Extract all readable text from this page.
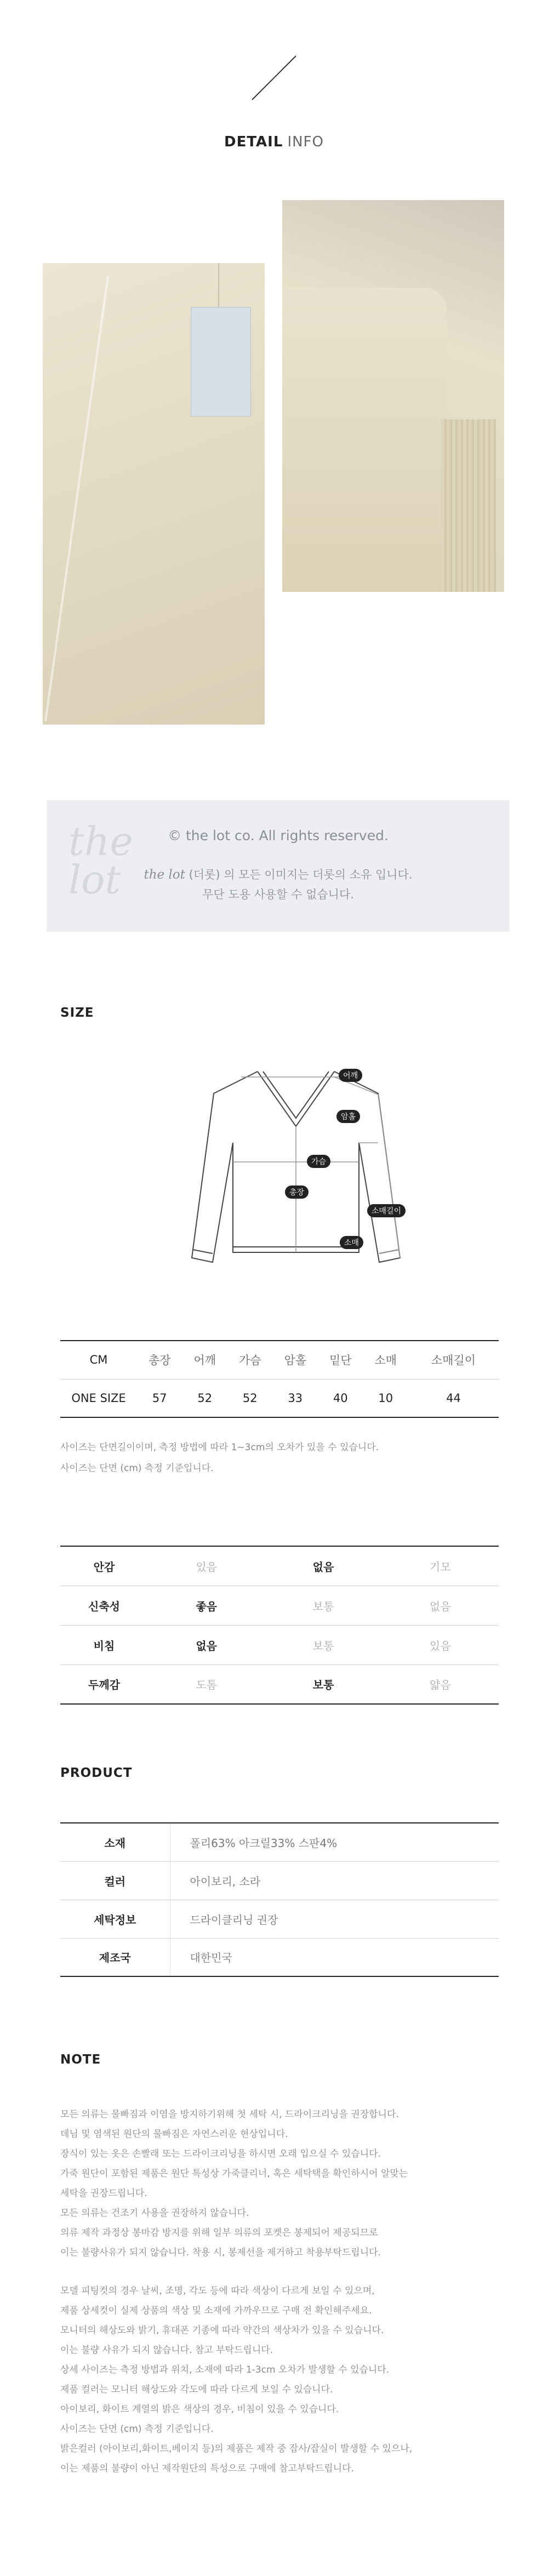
DETAIL INFO
the
lot
© the lot co. All rights reserved.
the lot (더롯) 의 모든 이미지는 더롯의 소유 입니다.
무단 도용 사용할 수 없습니다.
SIZE
어깨
암홀
가슴
총장
소매길이
소매
CM	총장	어깨	가슴	암홀	밑단	소매	소매길이
ONE SIZE	57	52	52	33	40	10	44
사이즈는 단면길이이며, 측정 방법에 따라 1~3cm의 오차가 있을 수 있습니다.
사이즈는 단면 (cm) 측정 기준입니다.
안감	있음	없음	기모
신축성	좋음	보통	없음
비침	없음	보통	있음
두께감	도톰	보통	얇음
PRODUCT
소재	폴리63% 아크릴33% 스판4%
컬러	아이보리, 소라
세탁정보	드라이클리닝 권장
제조국	대한민국
NOTE
모든 의류는 물빠짐과 이염을 방지하기위해 첫 세탁 시, 드라이크리닝을 권장합니다.
데님 및 염색된 원단의 물빠짐은 자연스러운 현상입니다.
장식이 있는 옷은 손빨래 또는 드라이크리닝을 하시면 오래 입으실 수 있습니다.
가죽 원단이 포함된 제품은 원단 특성상 가죽클리너, 혹은 세탁택을 확인하시어 알맞는
세탁을 권장드립니다.
모든 의류는 건조기 사용을 권장하지 않습니다.
의류 제작 과정상 봉마감 방지를 위해 일부 의류의 포켓은 봉제되어 제공되므로
이는 불량사유가 되지 않습니다. 착용 시, 봉제선을 제거하고 착용부탁드립니다.
모델 피팅컷의 경우 날씨, 조명, 각도 등에 따라 색상이 다르게 보일 수 있으며,
제품 상세컷이 실제 상품의 색상 및 소재에 가까우므로 구매 전 확인해주세요.
모니터의 해상도와 밝기, 휴대폰 기종에 따라 약간의 색상차가 있을 수 있습니다.
이는 불량 사유가 되지 않습니다. 참고 부탁드립니다.
상세 사이즈는 측정 방법과 위치, 소재에 따라 1-3cm 오차가 발생할 수 있습니다.
제품 컬러는 모니터 해상도와 각도에 따라 다르게 보일 수 있습니다.
아이보리, 화이트 계열의 밝은 색상의 경우, 비침이 있을 수 있습니다.
사이즈는 단면 (cm) 측정 기준입니다.
밝은컬러 (아이보리,화이트,베이지 등)의 제품은 제작 중 잡사/잡실이 발생할 수 있으나,
이는 제품의 불량이 아닌 제작원단의 특성으로 구매에 참고부탁드립니다.
